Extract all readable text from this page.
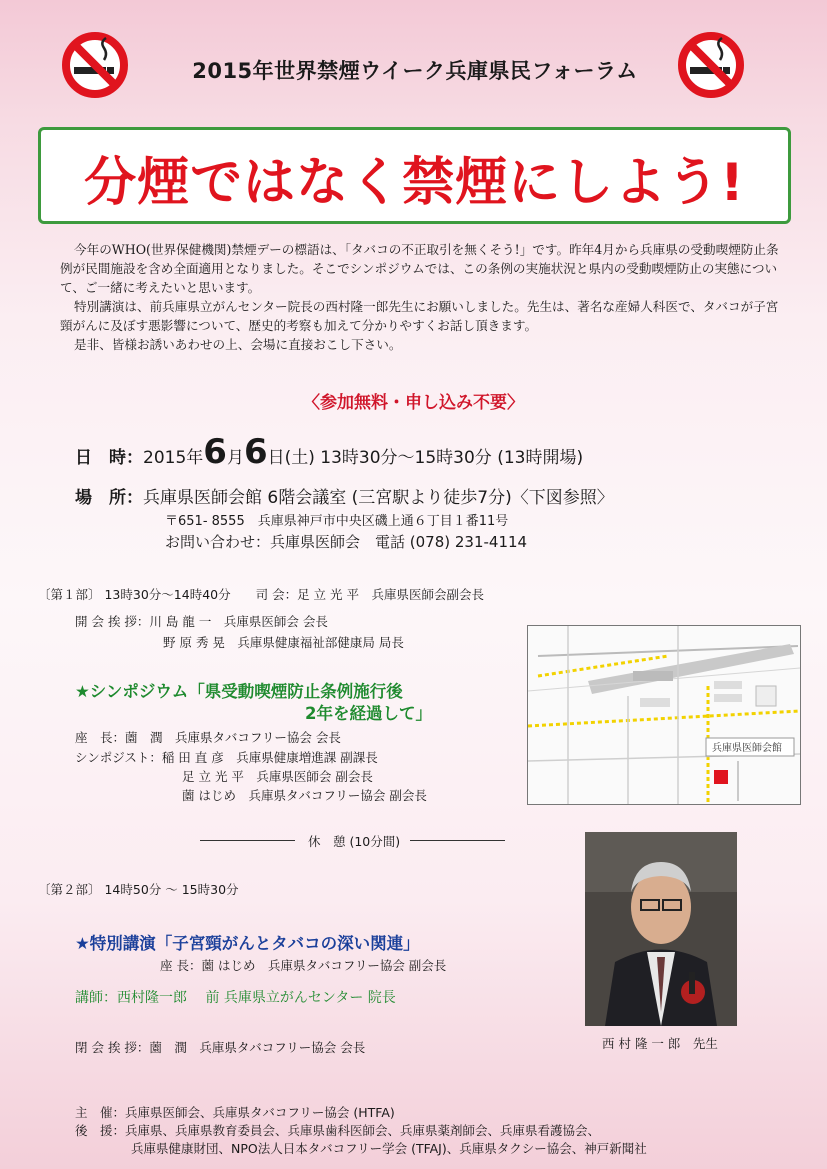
2015年世界禁煙ウイーク兵庫県民フォーラム
分煙ではなく禁煙にしよう!

今年のWHO(世界保健機関)禁煙デーの標語は、「タバコの不正取引を無くそう!」です。昨年4月から兵庫県の受動喫煙防止条例が民間施設を含め全面適用となりました。そこでシンポジウムでは、この条例の実施状況と県内の受動喫煙防止の実態について、ご一緒に考えたいと思います。

特別講演は、前兵庫県立がんセンター院長の西村隆一郎先生にお願いしました。先生は、著名な産婦人科医で、タバコが子宮頸がんに及ぼす悪影響について、歴史的考察も加えて分かりやすくお話し頂きます。

是非、皆様お誘いあわせの上、会場に直接おこし下さい。

〈参加無料・申し込み不要〉
日　時：2015年6月6日(土) 13時30分～15時30分 (13時開場)
場　所：兵庫県医師会館 6階会議室 (三宮駅より徒歩7分)〈下図参照〉
〒651- 8555　兵庫県神戸市中央区磯上通６丁目１番11号
お問い合わせ：兵庫県医師会　電話 (078) 231-4114
〔第１部〕 13時30分～14時40分　　司 会：足 立 光 平　兵庫県医師会副会長
開 会 挨 拶：川 島 龍 一　兵庫県医師会 会長
野 原 秀 晃　兵庫県健康福祉部健康局 局長
★シンポジウム「県受動喫煙防止条例施行後
2年を経過して」
座　長：薗　潤　兵庫県タバコフリー協会 会長
シンポジスト：稲 田 直 彦　兵庫県健康増進課 副課長
足 立 光 平　兵庫県医師会 副会長
薗 はじめ　兵庫県タバコフリー協会 副会長
兵庫県医師会館
休　憩 (10分間)
〔第２部〕 14時50分 ～ 15時30分
★特別講演「子宮頸がんとタバコの深い関連」
座 長：薗 はじめ　兵庫県タバコフリー協会 副会長
講師：西村隆一郎　 前 兵庫県立がんセンター 院長
閉 会 挨 拶：薗　潤　兵庫県タバコフリー協会 会長	西 村 隆 一 郎　先生
主　催：兵庫県医師会、兵庫県タバコフリー協会 (HTFA)
後　援：兵庫県、兵庫県教育委員会、兵庫県歯科医師会、兵庫県薬剤師会、兵庫県看護協会、
兵庫県健康財団、NPO法人日本タバコフリー学会 (TFAJ)、兵庫県タクシー協会、神戸新聞社
